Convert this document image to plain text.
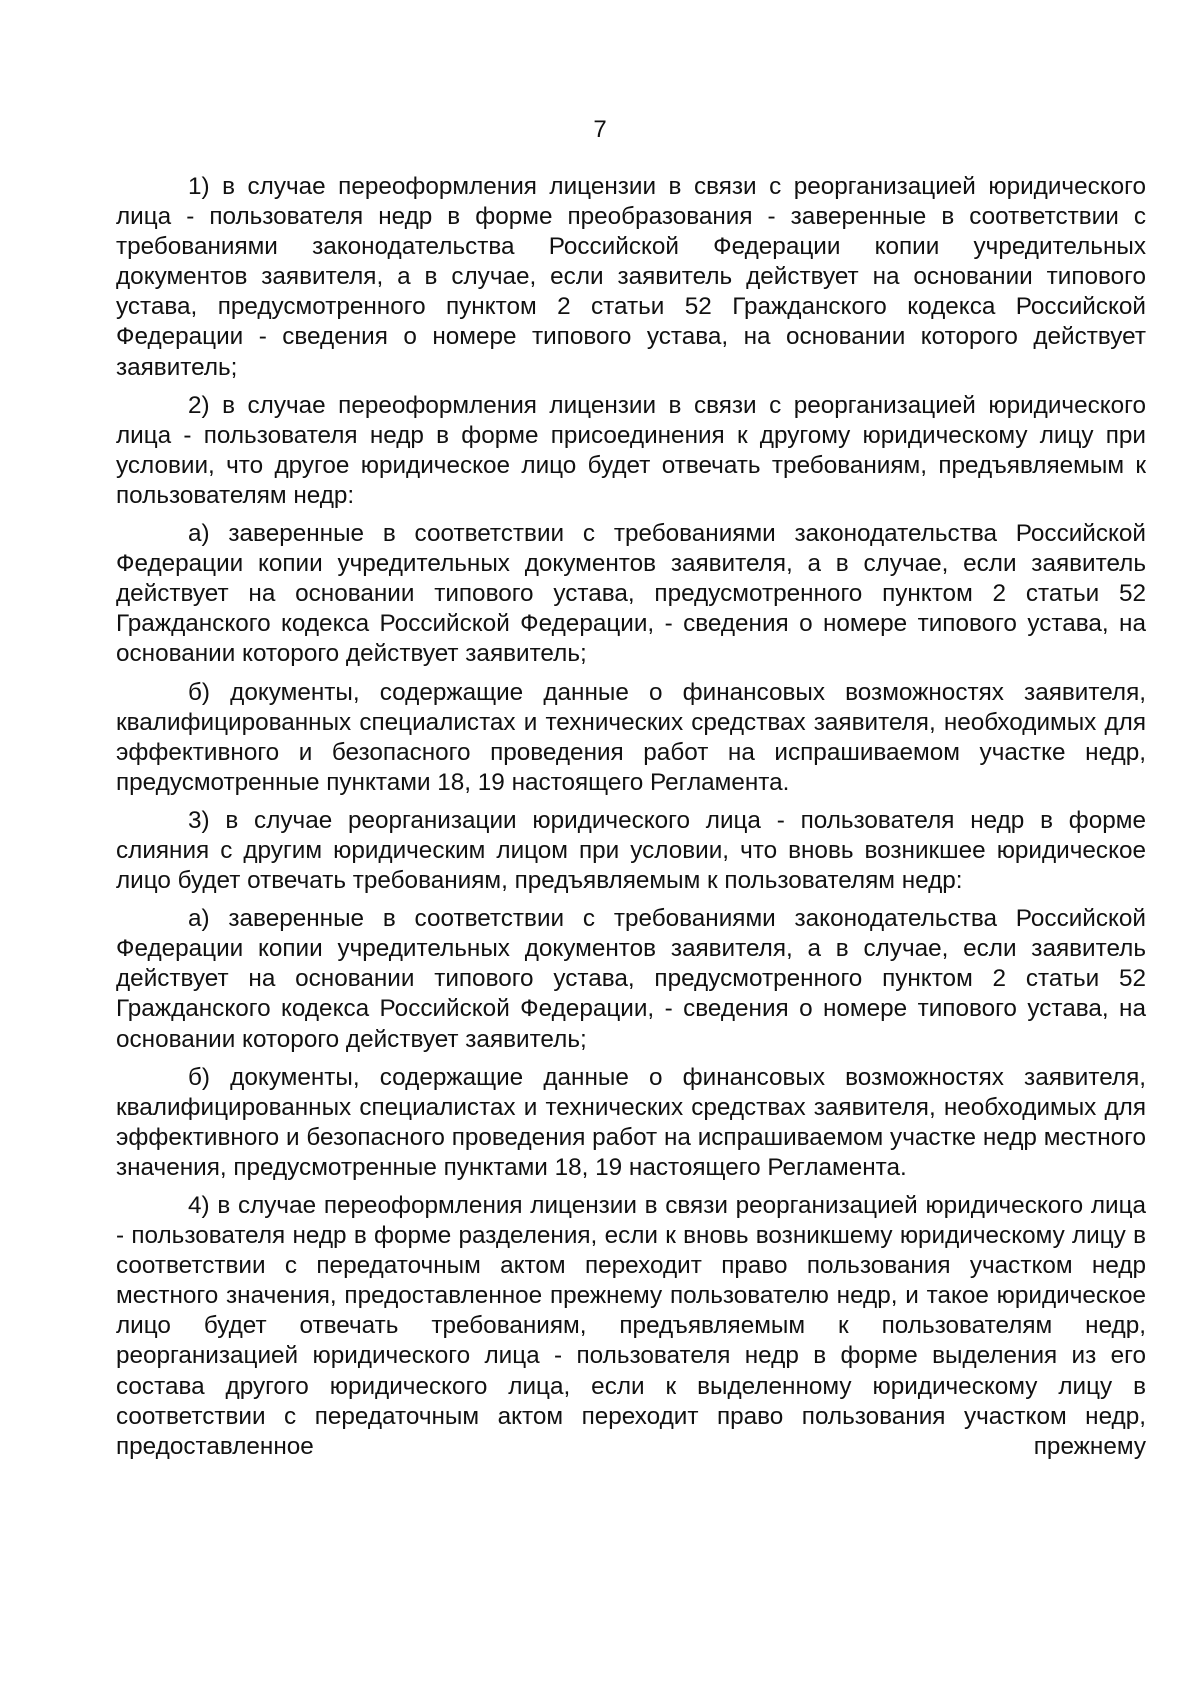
7

1) в случае переоформления лицензии в связи с реорганизацией юридического лица - пользователя недр в форме преобразования - заверенные в соответствии с требованиями законодательства Российской Федерации копии учредительных документов заявителя, а в случае, если заявитель действует на основании типового устава, предусмотренного пунктом 2 статьи 52 Гражданского кодекса Российской Федерации - сведения о номере типового устава, на основании которого действует заявитель;

2) в случае переоформления лицензии в связи с реорганизацией юридического лица - пользователя недр в форме присоединения к другому юридическому лицу при условии, что другое юридическое лицо будет отвечать требованиям, предъявляемым к пользователям недр:

а) заверенные в соответствии с требованиями законодательства Российской Федерации копии учредительных документов заявителя, а в случае, если заявитель действует на основании типового устава, предусмотренного пунктом 2 статьи 52 Гражданского кодекса Российской Федерации, - сведения о номере типового устава, на основании которого действует заявитель;

б) документы, содержащие данные о финансовых возможностях заявителя, квалифицированных специалистах и технических средствах заявителя, необходимых для эффективного и безопасного проведения работ на испрашиваемом участке недр, предусмотренные пунктами 18, 19 настоящего Регламента.

3) в случае реорганизации юридического лица - пользователя недр в форме слияния с другим юридическим лицом при условии, что вновь возникшее юридическое лицо будет отвечать требованиям, предъявляемым к пользователям недр:

а) заверенные в соответствии с требованиями законодательства Российской Федерации копии учредительных документов заявителя, а в случае, если заявитель действует на основании типового устава, предусмотренного пунктом 2 статьи 52 Гражданского кодекса Российской Федерации, - сведения о номере типового устава, на основании которого действует заявитель;

б) документы, содержащие данные о финансовых возможностях заявителя, квалифицированных специалистах и технических средствах заявителя, необходимых для эффективного и безопасного проведения работ на испрашиваемом участке недр местного значения, предусмотренные пунктами 18, 19 настоящего Регламента.

4) в случае переоформления лицензии в связи реорганизацией юридического лица - пользователя недр в форме разделения, если к вновь возникшему юридическому лицу в соответствии с передаточным актом переходит право пользования участком недр местного значения, предоставленное прежнему пользователю недр, и такое юридическое лицо будет отвечать требованиям, предъявляемым к пользователям недр, реорганизацией юридического лица - пользователя недр в форме выделения из его состава другого юридического лица, если к выделенному юридическому лицу в соответствии с передаточным актом переходит право пользования участком недр, предоставленное прежнему
